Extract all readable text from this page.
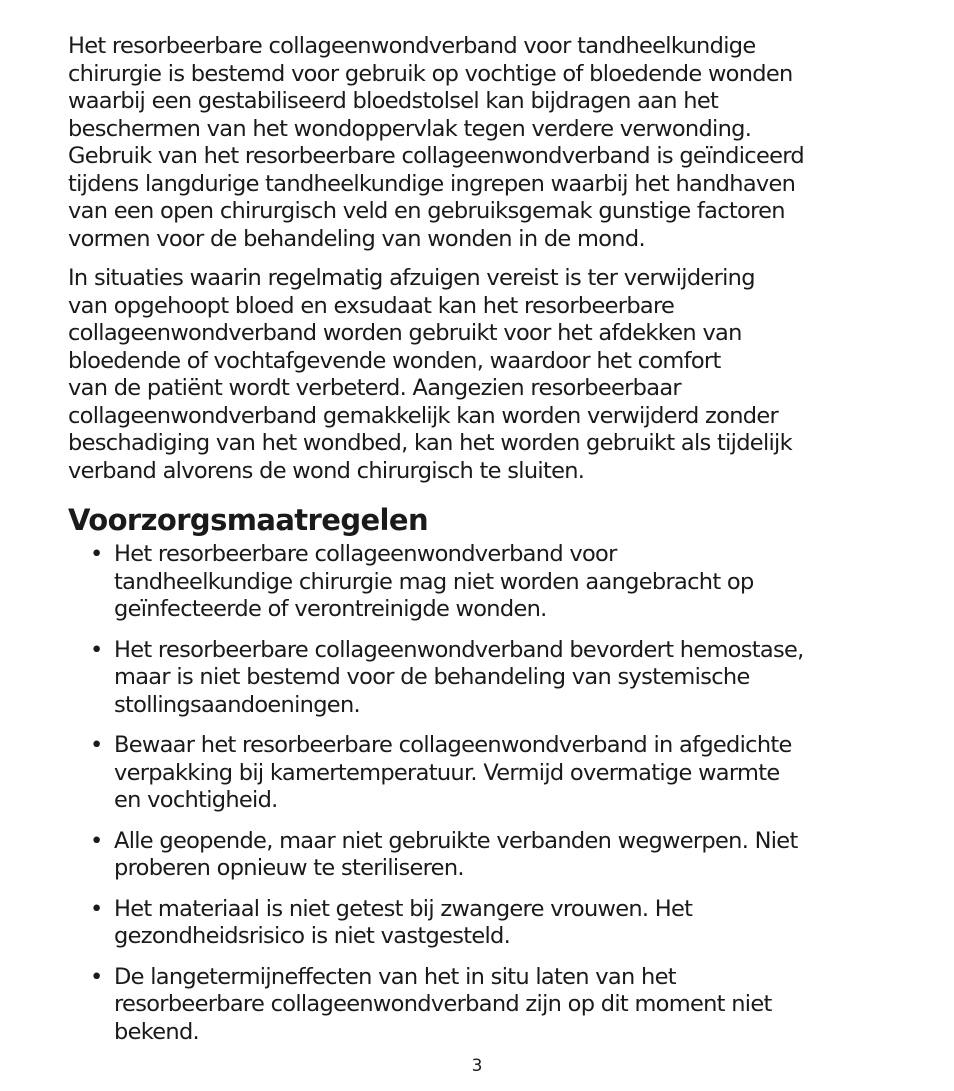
Het resorbeerbare collageenwondverband voor tandheelkundige
chirurgie is bestemd voor gebruik op vochtige of bloedende wonden
waarbij een gestabiliseerd bloedstolsel kan bijdragen aan het
beschermen van het wondoppervlak tegen verdere verwonding.
Gebruik van het resorbeerbare collageenwondverband is geïndiceerd
tijdens langdurige tandheelkundige ingrepen waarbij het handhaven
van een open chirurgisch veld en gebruiksgemak gunstige factoren
vormen voor de behandeling van wonden in de mond.

In situaties waarin regelmatig afzuigen vereist is ter verwijdering
van opgehoopt bloed en exsudaat kan het resorbeerbare
collageenwondverband worden gebruikt voor het afdekken van
bloedende of vochtafgevende wonden, waardoor het comfort
van de patiënt wordt verbeterd. Aangezien resorbeerbaar
collageenwondverband gemakkelijk kan worden verwijderd zonder
beschadiging van het wondbed, kan het worden gebruikt als tijdelijk
verband alvorens de wond chirurgisch te sluiten.

Voorzorgsmaatregelen
• Het resorbeerbare collageenwondverband voor
tandheelkundige chirurgie mag niet worden aangebracht op
geïnfecteerde of verontreinigde wonden.
• Het resorbeerbare collageenwondverband bevordert hemostase,
maar is niet bestemd voor de behandeling van systemische
stollingsaandoeningen.
• Bewaar het resorbeerbare collageenwondverband in afgedichte
verpakking bij kamertemperatuur. Vermijd overmatige warmte
en vochtigheid.
• Alle geopende, maar niet gebruikte verbanden wegwerpen. Niet
proberen opnieuw te steriliseren.
• Het materiaal is niet getest bij zwangere vrouwen. Het
gezondheidsrisico is niet vastgesteld.
• De langetermijneffecten van het in situ laten van het
resorbeerbare collageenwondverband zijn op dit moment niet
bekend.
3
